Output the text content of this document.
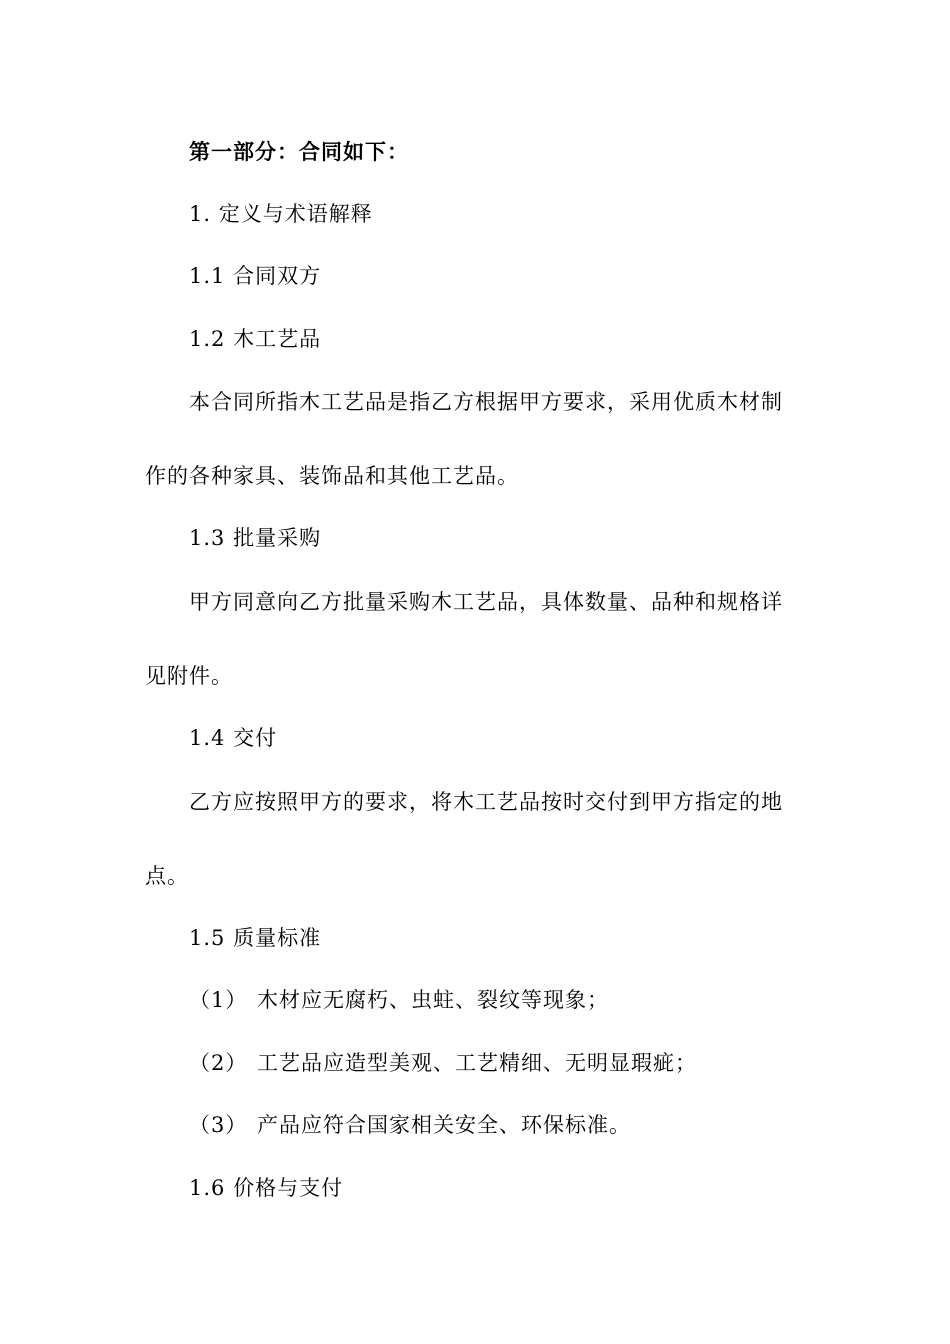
第一部分：合同如下：
1. 定义与术语解释
1.1 合同双方
1.2 木工艺品
本合同所指木工艺品是指乙方根据甲方要求，采用优质木材制
作的各种家具、装饰品和其他工艺品。
1.3 批量采购
甲方同意向乙方批量采购木工艺品，具体数量、品种和规格详
见附件。
1.4 交付
乙方应按照甲方的要求，将木工艺品按时交付到甲方指定的地
点。
1.5 质量标准
（1） 木材应无腐朽、虫蛀、裂纹等现象；
（2） 工艺品应造型美观、工艺精细、无明显瑕疵；
（3） 产品应符合国家相关安全、环保标准。
1.6 价格与支付
